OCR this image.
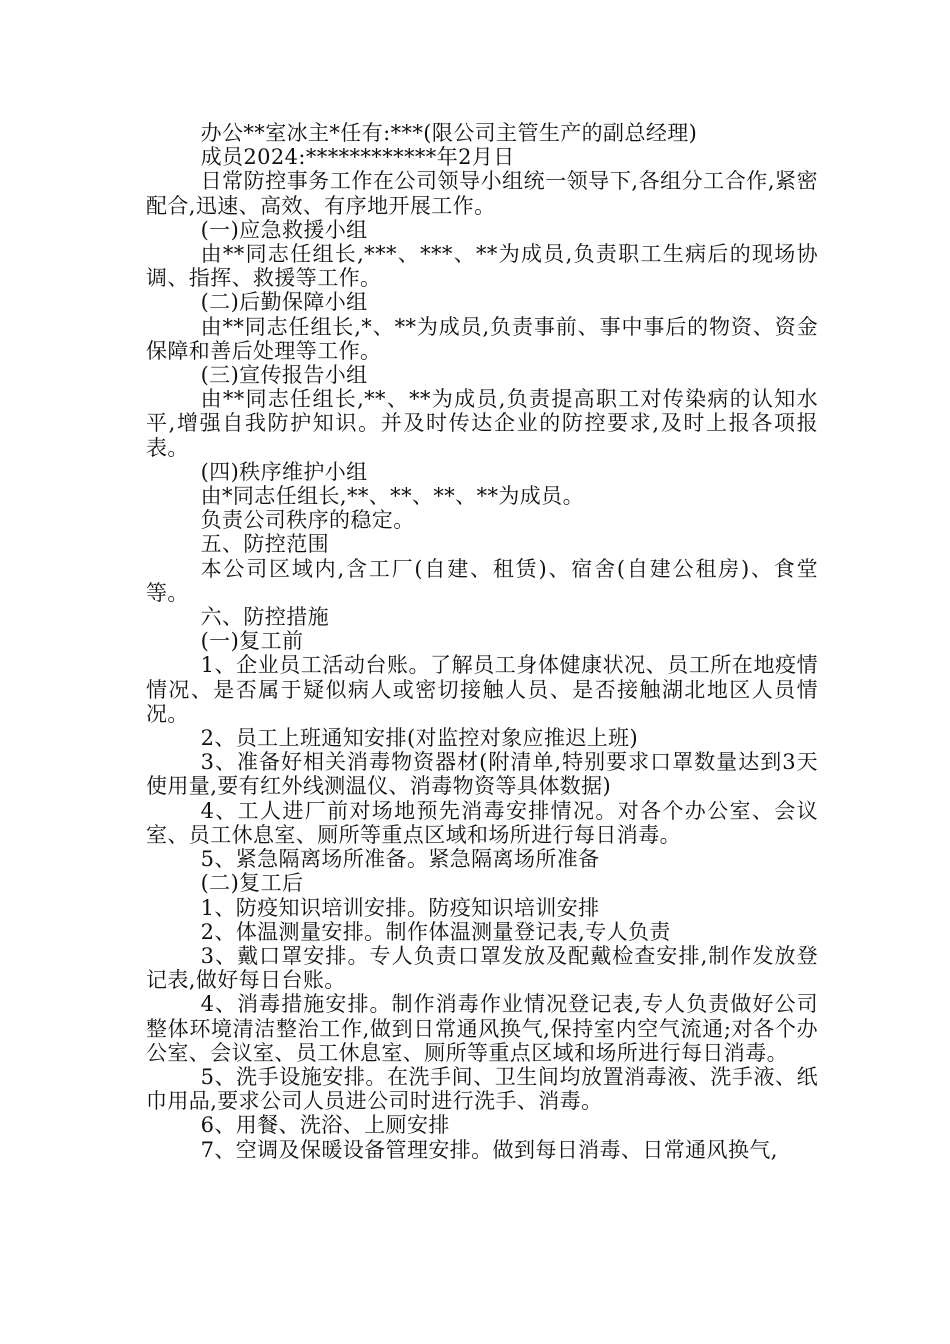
办公**室冰主*任有:***(限公司主管生产的副总经理)

成员2024:************年2月日

日常防控事务工作在公司领导小组统一领导下,各组分工合作,紧密配合,迅速、高效、有序地开展工作。

(一)应急救援小组

由**同志任组长,***、***、**为成员,负责职工生病后的现场协调、指挥、救援等工作。

(二)后勤保障小组

由**同志任组长,*、**为成员,负责事前、事中事后的物资、资金保障和善后处理等工作。

(三)宣传报告小组

由**同志任组长,**、**为成员,负责提高职工对传染病的认知水平,增强自我防护知识。并及时传达企业的防控要求,及时上报各项报表。

(四)秩序维护小组

由*同志任组长,**、**、**、**为成员。

负责公司秩序的稳定。

五、防控范围

本公司区域内,含工厂(自建、租赁)、宿舍(自建公租房)、食堂等。

六、防控措施

(一)复工前

1、企业员工活动台账。了解员工身体健康状况、员工所在地疫情情况、是否属于疑似病人或密切接触人员、是否接触湖北地区人员情况。

2、员工上班通知安排(对监控对象应推迟上班)

3、准备好相关消毒物资器材(附清单,特别要求口罩数量达到3天使用量,要有红外线测温仪、消毒物资等具体数据)

4、工人进厂前对场地预先消毒安排情况。对各个办公室、会议室、员工休息室、厕所等重点区域和场所进行每日消毒。

5、紧急隔离场所准备。紧急隔离场所准备

(二)复工后

1、防疫知识培训安排。防疫知识培训安排

2、体温测量安排。制作体温测量登记表,专人负责

3、戴口罩安排。专人负责口罩发放及配戴检查安排,制作发放登记表,做好每日台账。

4、消毒措施安排。制作消毒作业情况登记表,专人负责做好公司整体环境清洁整治工作,做到日常通风换气,保持室内空气流通;对各个办公室、会议室、员工休息室、厕所等重点区域和场所进行每日消毒。

5、洗手设施安排。在洗手间、卫生间均放置消毒液、洗手液、纸巾用品,要求公司人员进公司时进行洗手、消毒。

6、用餐、洗浴、上厕安排

7、空调及保暖设备管理安排。做到每日消毒、日常通风换气,
